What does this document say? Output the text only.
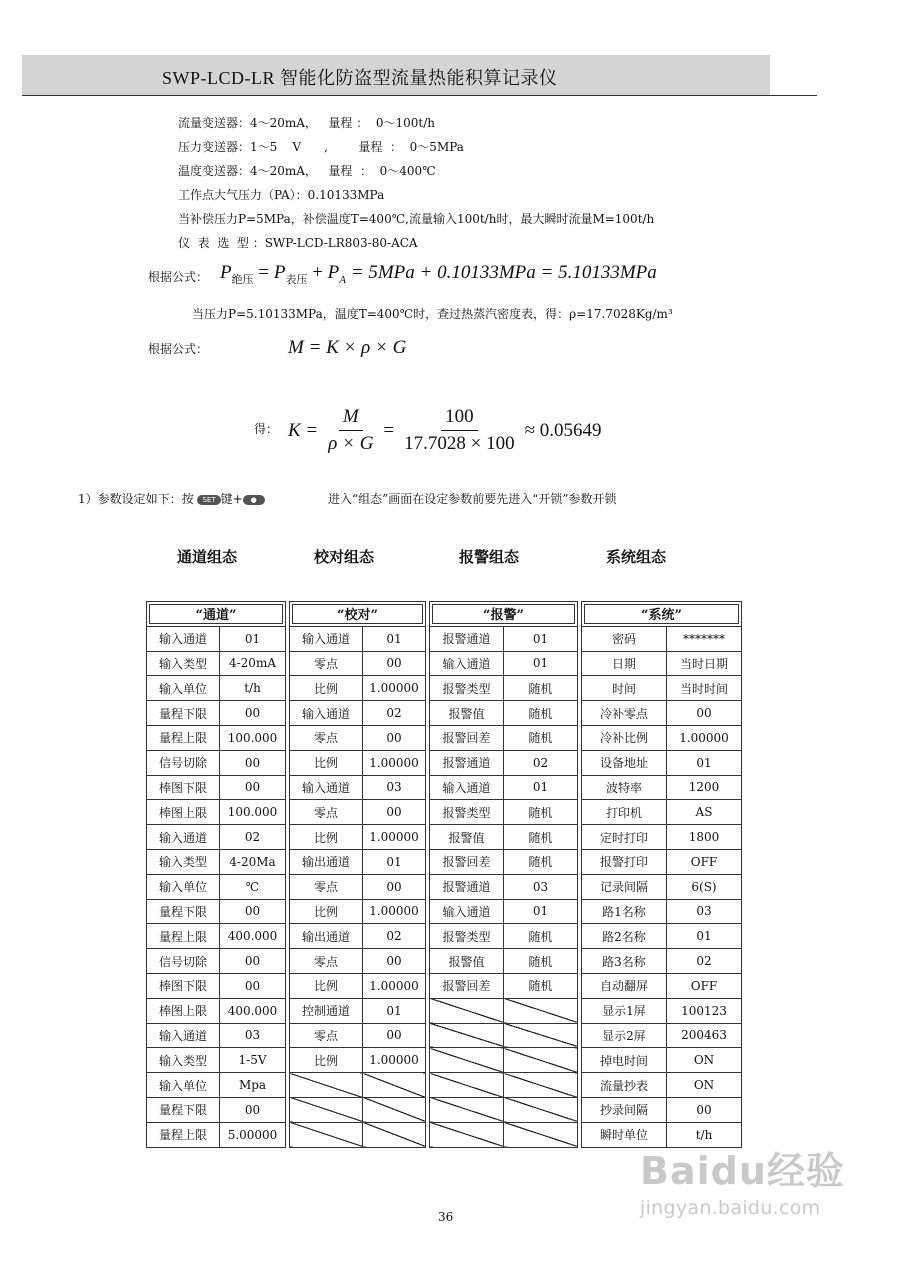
SWP-LCD-LR 智能化防盗型流量热能积算记录仪
流量变送器：4～20mA，   量程 ：  0～100t/h
压力变送器：1～5    V      ,        量程  ：  0～5MPa
温度变送器：4～20mA，   量程  ：  0～400℃
工作点大气压力（PA）：0.10133MPa
当补偿压力P=5MPa，补偿温度T=400℃,流量输入100t/h时，最大瞬时流量M=100t/h
仪  表  选  型 ：SWP-LCD-LR803-80-ACA
根据公式： $P_{绝压} = P_{表压} + P_A = 5MPa + 0.10133MPa = 5.10133MPa$
当压力P=5.10133MPa，温度T=400℃时，查过热蒸汽密度表，得：ρ=17.7028Kg/m³
根据公式：	M = K × ρ × G
得： $K = \frac{M}{\rho \times G} = \frac{100}{17.7028 \times 100} \approx 0.05649$
1）参数设定如下：按 SET 键+ ●	进入“组态”画面在设定参数前要先进入“开锁”参数开锁
通道组态	校对组态	报警组态	系统组态
“通道”			“校对”			“报警”			“系统”	
输入通道	01		输入通道	01		报警通道	01		密码	*******
输入类型	4-20mA		零点	00		输入通道	01		日期	当时日期
输入单位	t/h		比例	1.00000		报警类型	随机		时间	当时时间
量程下限	00		输入通道	02		报警值	随机		冷补零点	00
量程上限	100.000		零点	00		报警回差	随机		冷补比例	1.00000
信号切除	00		比例	1.00000		报警通道	02		设备地址	01
棒图下限	00		输入通道	03		输入通道	01		波特率	1200
棒图上限	100.000		零点	00		报警类型	随机		打印机	AS
输入通道	02		比例	1.00000		报警值	随机		定时打印	1800
输入类型	4-20Ma		输出通道	01		报警回差	随机		报警打印	OFF
输入单位	℃		零点	00		报警通道	03		记录间隔	6(S)
量程下限	00		比例	1.00000		输入通道	01		路1名称	03
量程上限	400.000		输出通道	02		报警类型	随机		路2名称	01
信号切除	00		零点	00		报警值	随机		路3名称	02
棒图下限	00		比例	1.00000		报警回差	随机		自动翻屏	OFF
棒图上限	400.000		控制通道	01					显示1屏	100123
输入通道	03		零点	00					显示2屏	200463
输入类型	1-5V		比例	1.00000					掉电时间	ON
输入单位	Mpa								流量抄表	ON
量程下限	00								抄录间隔	00
量程上限	5.00000								瞬时单位	t/h
36
Baidu经验
jingyan.baidu.com
